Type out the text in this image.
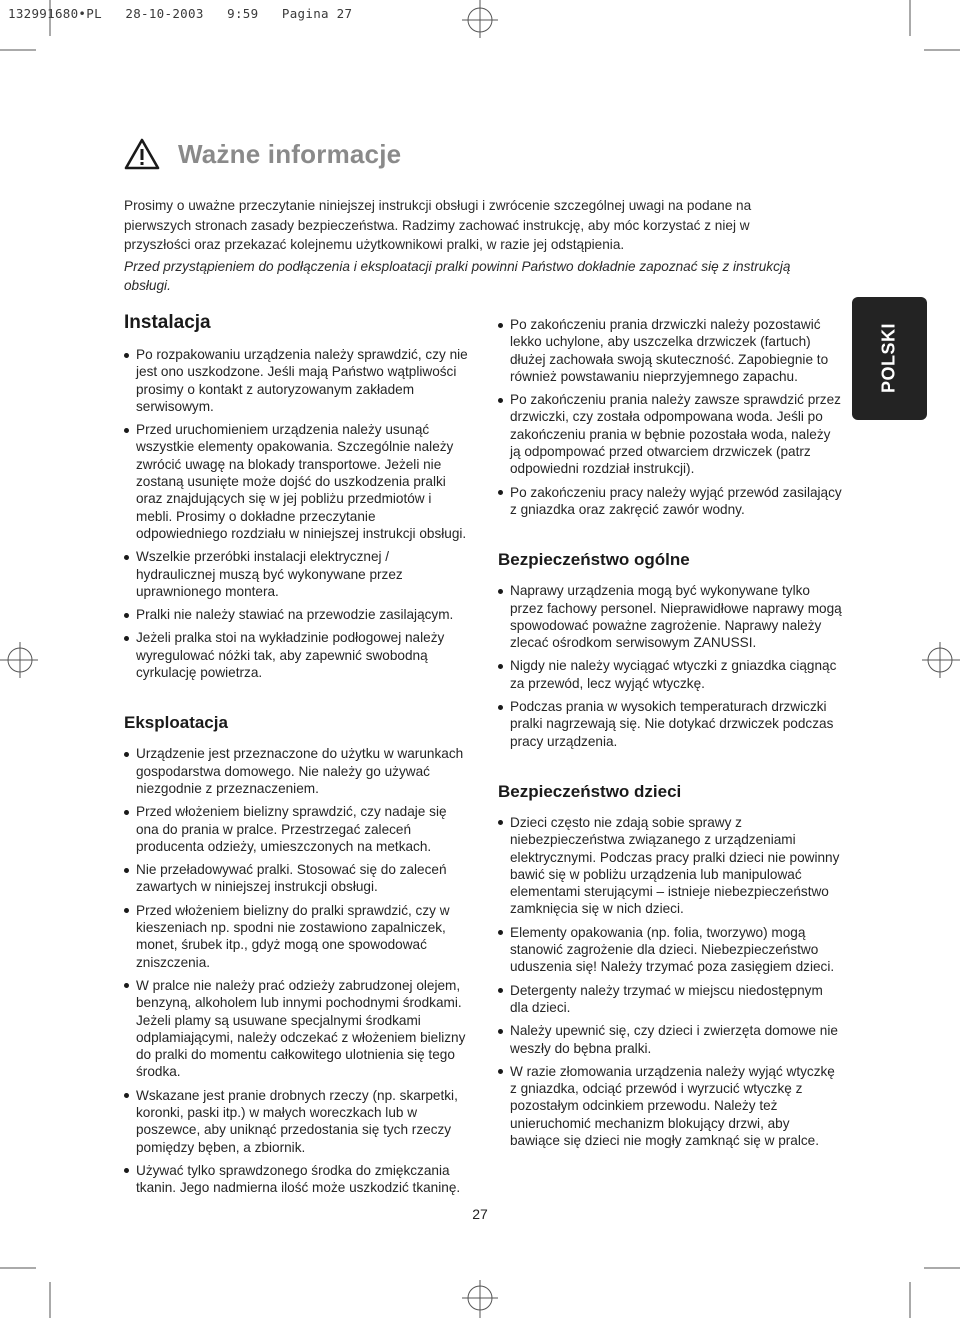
132991680•PL   28-10-2003   9:59   Pagina 27
Ważne informacje

Prosimy o uważne przeczytanie niniejszej instrukcji obsługi i zwrócenie szczególnej uwagi na podane na pierwszych stronach zasady bezpieczeństwa. Radzimy zachować instrukcję, aby móc korzystać z niej w przyszłości oraz przekazać kolejnemu użytkownikowi pralki, w razie jej odstąpienia.

Przed przystąpieniem do podłączenia i eksploatacji pralki powinni Państwo dokładnie zapoznać się z instrukcją obsługi.

Instalacja
Po rozpakowaniu urządzenia należy sprawdzić, czy nie jest ono uszkodzone. Jeśli mają Państwo wątpliwości prosimy o kontakt z autoryzowanym zakładem serwisowym.
Przed uruchomieniem urządzenia należy usunąć wszystkie elementy opakowania. Szczególnie należy zwrócić uwagę na blokady transportowe. Jeżeli nie zostaną usunięte może dojść do uszkodzenia pralki oraz znajdujących się w jej pobliżu przedmiotów i mebli. Prosimy o dokładne przeczytanie odpowiedniego rozdziału w niniejszej instrukcji obsługi.
Wszelkie przeróbki instalacji elektrycznej / hydraulicznej muszą być wykonywane przez uprawnionego montera.
Pralki nie należy stawiać na przewodzie zasilającym.
Jeżeli pralka stoi na wykładzinie podłogowej należy wyregulować nóżki tak, aby zapewnić swobodną cyrkulację powietrza.
Eksploatacja
Urządzenie jest przeznaczone do użytku w warunkach gospodarstwa domowego. Nie należy go używać niezgodnie z przeznaczeniem.
Przed włożeniem bielizny sprawdzić, czy nadaje się ona do prania w pralce. Przestrzegać zaleceń producenta odzieży, umieszczonych na metkach.
Nie przeładowywać pralki. Stosować się do zaleceń zawartych w niniejszej instrukcji obsługi.
Przed włożeniem bielizny do pralki sprawdzić, czy w kieszeniach np. spodni nie zostawiono zapalniczek, monet, śrubek itp., gdyż mogą one spowodować zniszczenia.
W pralce nie należy prać odzieży zabrudzonej olejem, benzyną, alkoholem lub innymi pochodnymi środkami. Jeżeli plamy są usuwane specjalnymi środkami odplamiającymi, należy odczekać z włożeniem bielizny do pralki do momentu całkowitego ulotnienia się tego środka.
Wskazane jest pranie drobnych rzeczy (np. skarpetki, koronki, paski itp.) w małych woreczkach lub w poszewce, aby uniknąć przedostania się tych rzeczy pomiędzy bęben, a zbiornik.
Używać tylko sprawdzonego środka do zmiękczania tkanin. Jego nadmierna ilość może uszkodzić tkaninę.
Po zakończeniu prania drzwiczki należy pozostawić lekko uchylone, aby uszczelka drzwiczek (fartuch) dłużej zachowała swoją skuteczność. Zapobiegnie to również powstawaniu nieprzyjemnego zapachu.
Po zakończeniu prania należy zawsze sprawdzić przez drzwiczki, czy została odpompowana woda. Jeśli po zakończeniu prania w bębnie pozostała woda, należy ją odpompować przed otwarciem drzwiczek (patrz odpowiedni rozdział instrukcji).
Po zakończeniu pracy należy wyjąć przewód zasilający z gniazdka oraz zakręcić zawór wodny.
Bezpieczeństwo ogólne
Naprawy urządzenia mogą być wykonywane tylko przez fachowy personel. Nieprawidłowe naprawy mogą spowodować poważne zagrożenie. Naprawy należy zlecać ośrodkom serwisowym ZANUSSI.
Nigdy nie należy wyciągać wtyczki z gniazdka ciągnąc za przewód, lecz wyjąć wtyczkę.
Podczas prania w wysokich temperaturach drzwiczki pralki nagrzewają się. Nie dotykać drzwiczek podczas pracy urządzenia.
Bezpieczeństwo dzieci
Dzieci często nie zdają sobie sprawy z niebezpieczeństwa związanego z urządzeniami elektrycznymi. Podczas pracy pralki dzieci nie powinny bawić się w pobliżu urządzenia lub manipulować elementami sterującymi – istnieje niebezpieczeństwo zamknięcia się w nich dzieci.
Elementy opakowania (np. folia, tworzywo) mogą stanowić zagrożenie dla dzieci. Niebezpieczeństwo uduszenia się! Należy trzymać poza zasięgiem dzieci.
Detergenty należy trzymać w miejscu niedostępnym dla dzieci.
Należy upewnić się, czy dzieci i zwierzęta domowe nie weszły do bębna pralki.
W razie złomowania urządzenia należy wyjąć wtyczkę z gniazdka, odciąć przewód i wyrzucić wtyczkę z pozostałym odcinkiem przewodu. Należy też unieruchomić mechanizm blokujący drzwi, aby bawiące się dzieci nie mogły zamknąć się w pralce.
POLSKI
27
